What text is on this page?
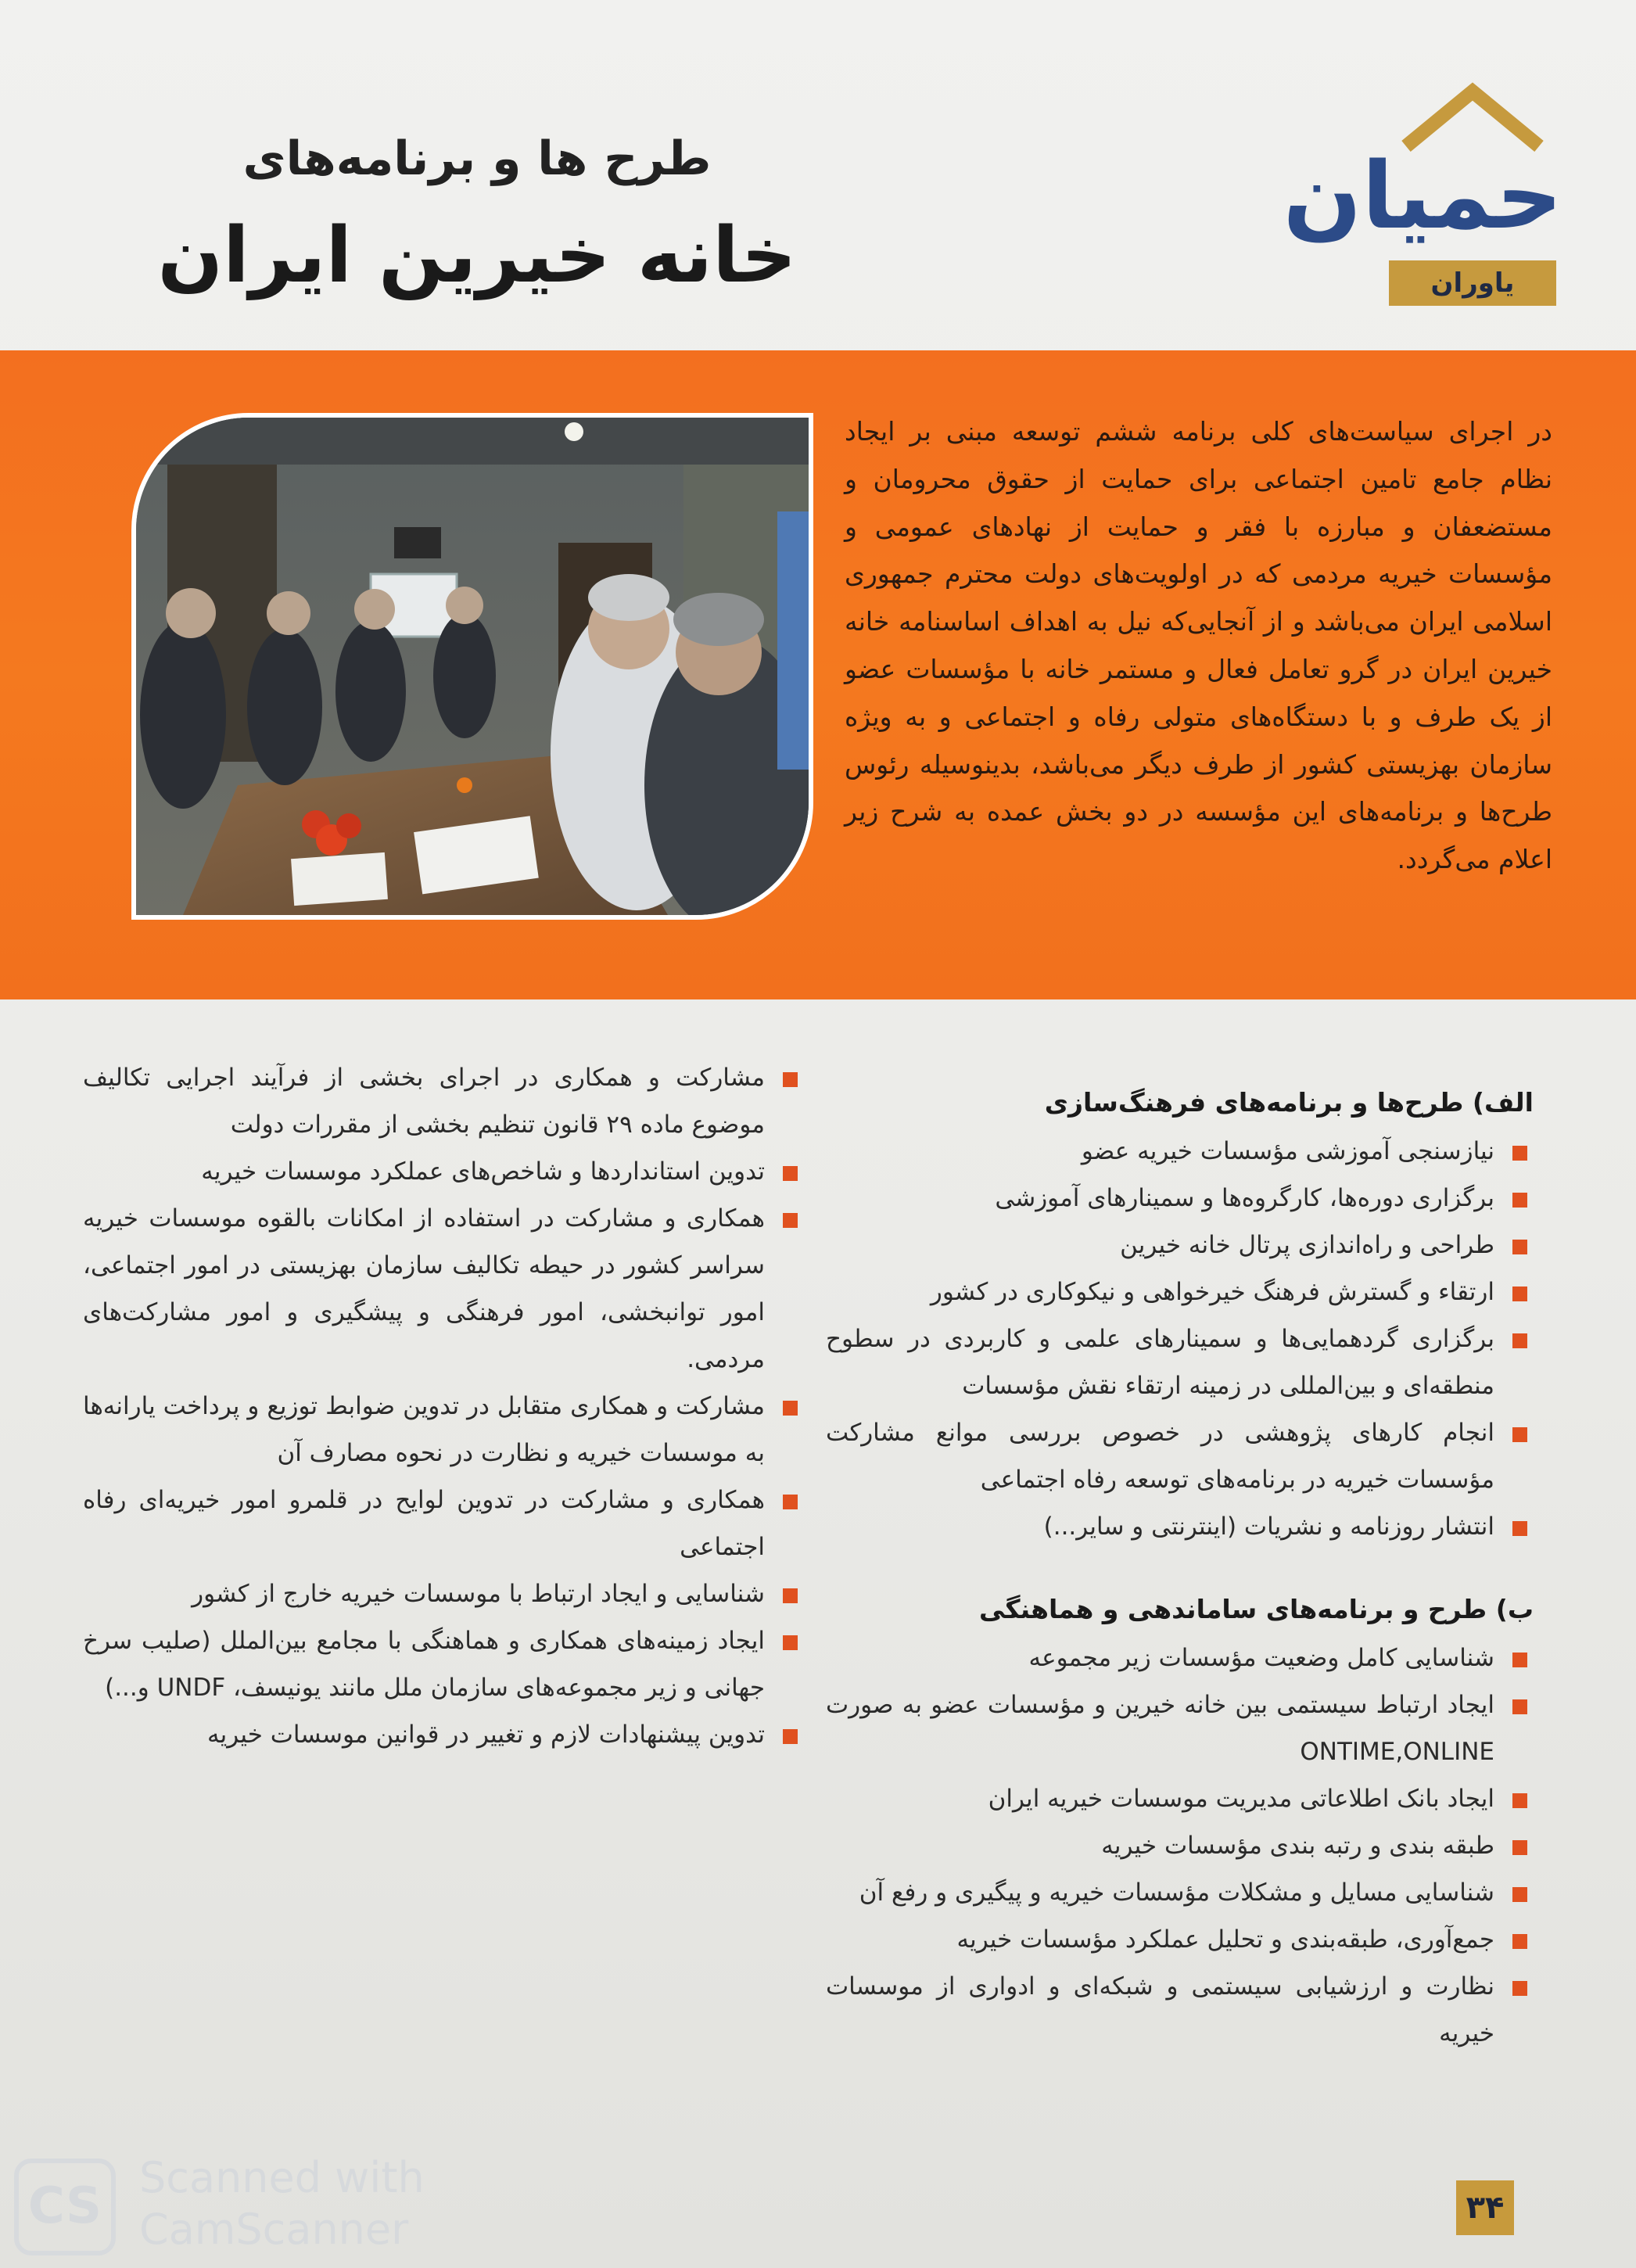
حمیان
یاوران
طرح ها و برنامه‌های
خانه خیرین ایران
در اجرای سیاست‌های کلی برنامه ششم توسعه مبنی بر ایجاد نظام جامع تامین اجتماعی برای حمایت از حقوق محرومان و مستضعفان و مبارزه با فقر و حمایت از نهادهای عمومی و مؤسسات خیریه مردمی که در اولویت‌های دولت محترم جمهوری اسلامی ایران می‌باشد و از آنجایی‌که نیل به اهداف اساسنامه خانه خیرین ایران در گرو تعامل فعال و مستمر خانه با مؤسسات عضو از یک طرف و با دستگاه‌های متولی رفاه و اجتماعی و به ویژه سازمان بهزیستی کشور از طرف دیگر می‌باشد، بدینوسیله رئوس طرح‌ها و برنامه‌های این مؤسسه در دو بخش عمده به شرح زیر اعلام می‌گردد.
الف) طرح‌ها و برنامه‌های فرهنگ‌سازی
نیازسنجی آموزشی مؤسسات خیریه عضو
برگزاری دوره‌ها، کارگروه‌ها و سمینارهای آموزشی
طراحی و راه‌اندازی پرتال خانه خیرین
ارتقاء و گسترش فرهنگ خیرخواهی و نیکوکاری در کشور
برگزاری گردهمایی‌ها و سمینارهای علمی و کاربردی در سطوح منطقه‌ای و بین‌المللی در زمینه ارتقاء نقش مؤسسات
انجام کارهای پژوهشی در خصوص بررسی موانع مشارکت مؤسسات خیریه در برنامه‌های توسعه رفاه اجتماعی
انتشار روزنامه و نشریات (اینترنتی و سایر...)
ب) طرح و برنامه‌های ساماندهی و هماهنگی
شناسایی کامل وضعیت مؤسسات زیر مجموعه
ایجاد ارتباط سیستمی بین خانه خیرین و مؤسسات عضو به صورت ONTIME,ONLINE
ایجاد بانک اطلاعاتی مدیریت موسسات خیریه ایران
طبقه بندی و رتبه بندی مؤسسات خیریه
شناسایی مسایل و مشکلات مؤسسات خیریه و پیگیری و رفع آن
جمع‌آوری، طبقه‌بندی و تحلیل عملکرد مؤسسات خیریه
نظارت و ارزشیابی سیستمی و شبکه‌ای و ادواری از موسسات خیریه
مشارکت و همکاری در اجرای بخشی از فرآیند اجرایی تکالیف موضوع ماده ۲۹ قانون تنظیم بخشی از مقررات دولت
تدوین استانداردها و شاخص‌های عملکرد موسسات خیریه
همکاری و مشارکت در استفاده از امکانات بالقوه موسسات خیریه سراسر کشور در حیطه تکالیف سازمان بهزیستی در امور اجتماعی، امور توانبخشی، امور فرهنگی و پیشگیری و امور مشارکت‌های مردمی.
مشارکت و همکاری متقابل در تدوین ضوابط توزیع و پرداخت یارانه‌ها به موسسات خیریه و نظارت در نحوه مصارف آن
همکاری و مشارکت در تدوین لوایح در قلمرو امور خیریه‌ای رفاه اجتماعی
شناسایی و ایجاد ارتباط با موسسات خیریه خارج از کشور
ایجاد زمینه‌های همکاری و هماهنگی با مجامع بین‌الملل (صلیب سرخ جهانی و زیر مجموعه‌های سازمان ملل مانند یونیسف، UNDF و...)
تدوین پیشنهادات لازم و تغییر در قوانین موسسات خیریه
۳۴
CS Scanned with
CamScanner
